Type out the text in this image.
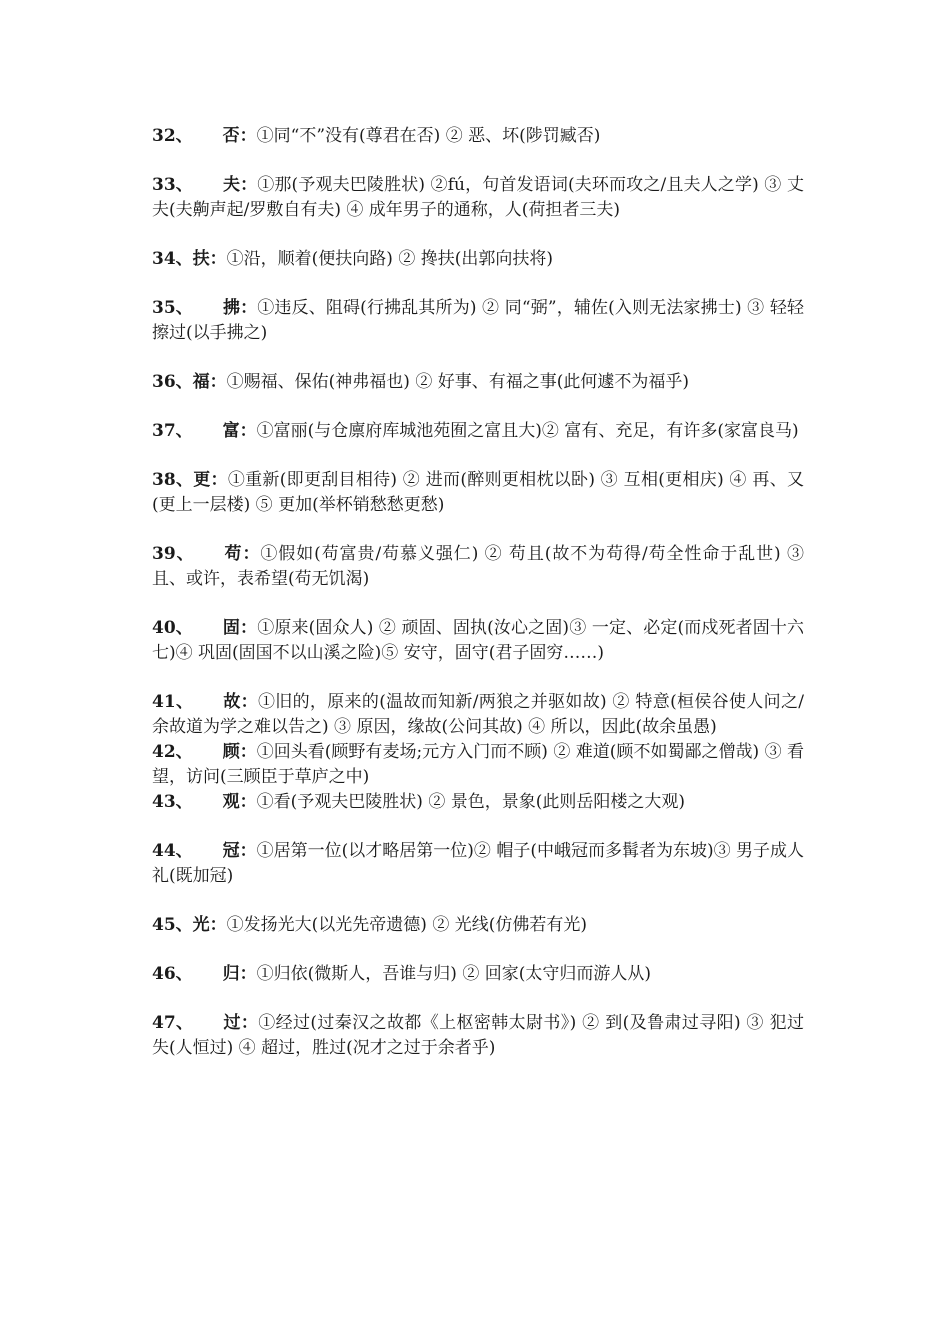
32、 否：①同“不”没有(尊君在否) ② 恶、坏(陟罚臧否)

33、 夫：①那(予观夫巴陵胜状) ②fú，句首发语词(夫环而攻之/且夫人之学) ③ 丈夫(夫齁声起/罗敷自有夫) ④ 成年男子的通称，人(荷担者三夫)

34、扶：①沿，顺着(便扶向路) ② 搀扶(出郭向扶将)

35、 拂：①违反、阻碍(行拂乱其所为) ② 同“弼”，辅佐(入则无法家拂士) ③ 轻轻擦过(以手拂之)

36、福：①赐福、保佑(神弗福也) ② 好事、有福之事(此何遽不为福乎)

37、 富：①富丽(与仓廪府库城池苑囿之富且大)② 富有、充足，有许多(家富良马)

38、更：①重新(即更刮目相待) ② 进而(醉则更相枕以卧) ③ 互相(更相庆) ④ 再、又(更上一层楼) ⑤ 更加(举杯销愁愁更愁)

39、 苟：①假如(苟富贵/苟慕义强仁) ② 苟且(故不为苟得/苟全性命于乱世) ③ 且、或许，表希望(苟无饥渴)

40、 固：①原来(固众人) ② 顽固、固执(汝心之固)③ 一定、必定(而戍死者固十六七)④ 巩固(固国不以山溪之险)⑤ 安守，固守(君子固穷……)

41、 故：①旧的，原来的(温故而知新/两狼之并驱如故) ② 特意(桓侯谷使人问之/余故道为学之难以告之) ③ 原因，缘故(公问其故) ④ 所以，因此(故余虽愚)

42、 顾：①回头看(顾野有麦场;元方入门而不顾) ② 难道(顾不如蜀鄙之僧哉) ③ 看望，访问(三顾臣于草庐之中)

43、 观：①看(予观夫巴陵胜状) ② 景色，景象(此则岳阳楼之大观)

44、 冠：①居第一位(以才略居第一位)② 帽子(中峨冠而多髯者为东坡)③ 男子成人礼(既加冠)

45、光：①发扬光大(以光先帝遗德) ② 光线(仿佛若有光)

46、 归：①归依(微斯人，吾谁与归) ② 回家(太守归而游人从)

47、 过：①经过(过秦汉之故都《上枢密韩太尉书》) ② 到(及鲁肃过寻阳) ③ 犯过失(人恒过) ④ 超过，胜过(况才之过于余者乎)
